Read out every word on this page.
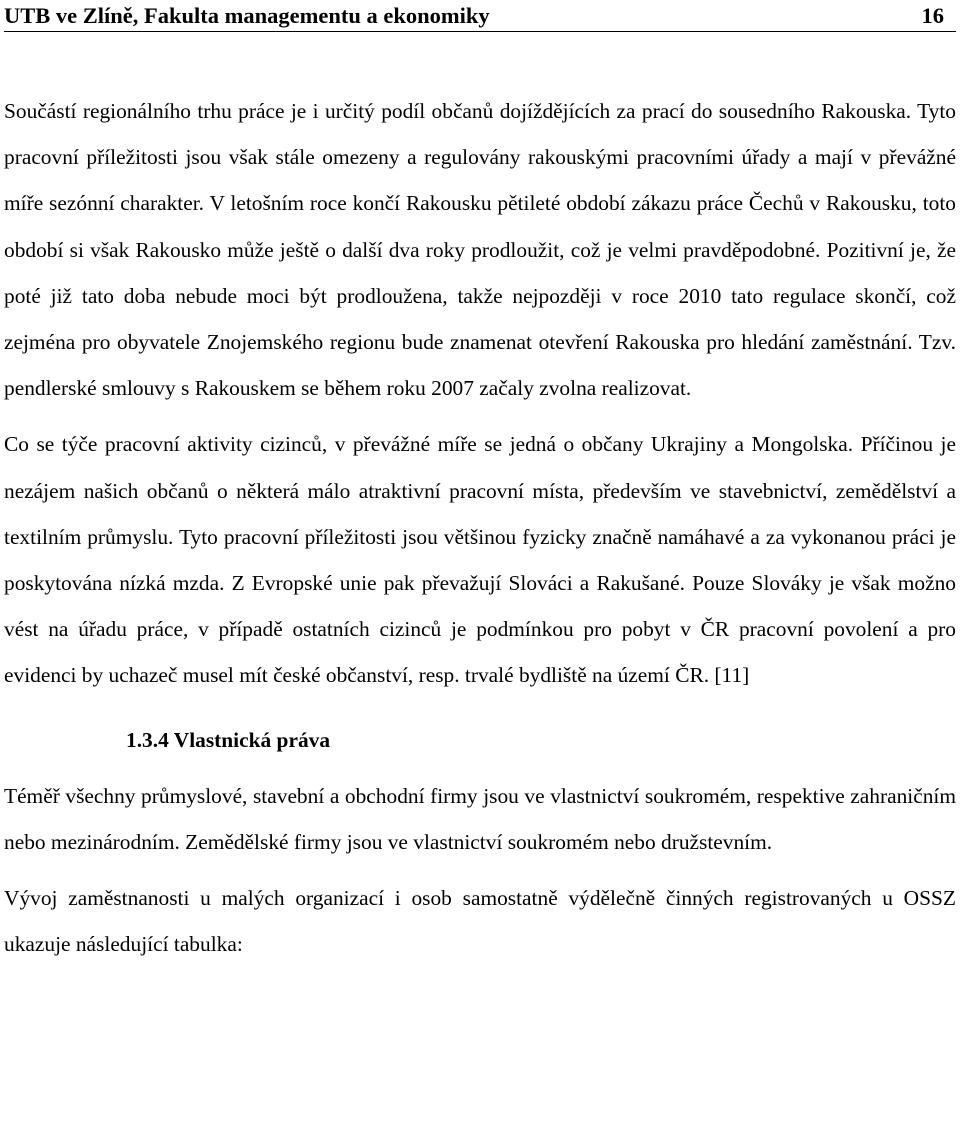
UTB ve Zlíně, Fakulta managementu a ekonomiky	16

Součástí regionálního trhu práce je i určitý podíl občanů dojíždějících za prací do sousedního Rakouska. Tyto pracovní příležitosti jsou však stále omezeny a regulovány rakouskými pracovními úřady a mají v převážné míře sezónní charakter. V letošním roce končí Rakousku pětileté období zákazu práce Čechů v Rakousku, toto období si však Rakousko může ještě o další dva roky prodloužit, což je velmi pravděpodobné. Pozitivní je, že poté již tato doba nebude moci být prodloužena, takže nejpozději v roce 2010 tato regulace skončí, což zejména pro obyvatele Znojemského regionu bude znamenat otevření Rakouska pro hledání zaměstnání. Tzv. pendlerské smlouvy s Rakouskem se během roku 2007 začaly zvolna realizovat.

Co se týče pracovní aktivity cizinců, v převážné míře se jedná o občany Ukrajiny a Mongolska. Příčinou je nezájem našich občanů o některá málo atraktivní pracovní místa, především ve stavebnictví, zemědělství a textilním průmyslu. Tyto pracovní příležitosti jsou většinou fyzicky značně namáhavé a za vykonanou práci je poskytována nízká mzda. Z Evropské unie pak převažují Slováci a Rakušané. Pouze Slováky je však možno vést na úřadu práce, v případě ostatních cizinců je podmínkou pro pobyt v ČR pracovní povolení a pro evidenci by uchazeč musel mít české občanství, resp. trvalé bydliště na území ČR. [11]

1.3.4 Vlastnická práva

Téměř všechny průmyslové, stavební a obchodní firmy jsou ve vlastnictví soukromém, respektive zahraničním nebo mezinárodním. Zemědělské firmy jsou ve vlastnictví soukromém nebo družstevním.

Vývoj zaměstnanosti u malých organizací i osob samostatně výdělečně činných registrovaných u OSSZ ukazuje následující tabulka:
